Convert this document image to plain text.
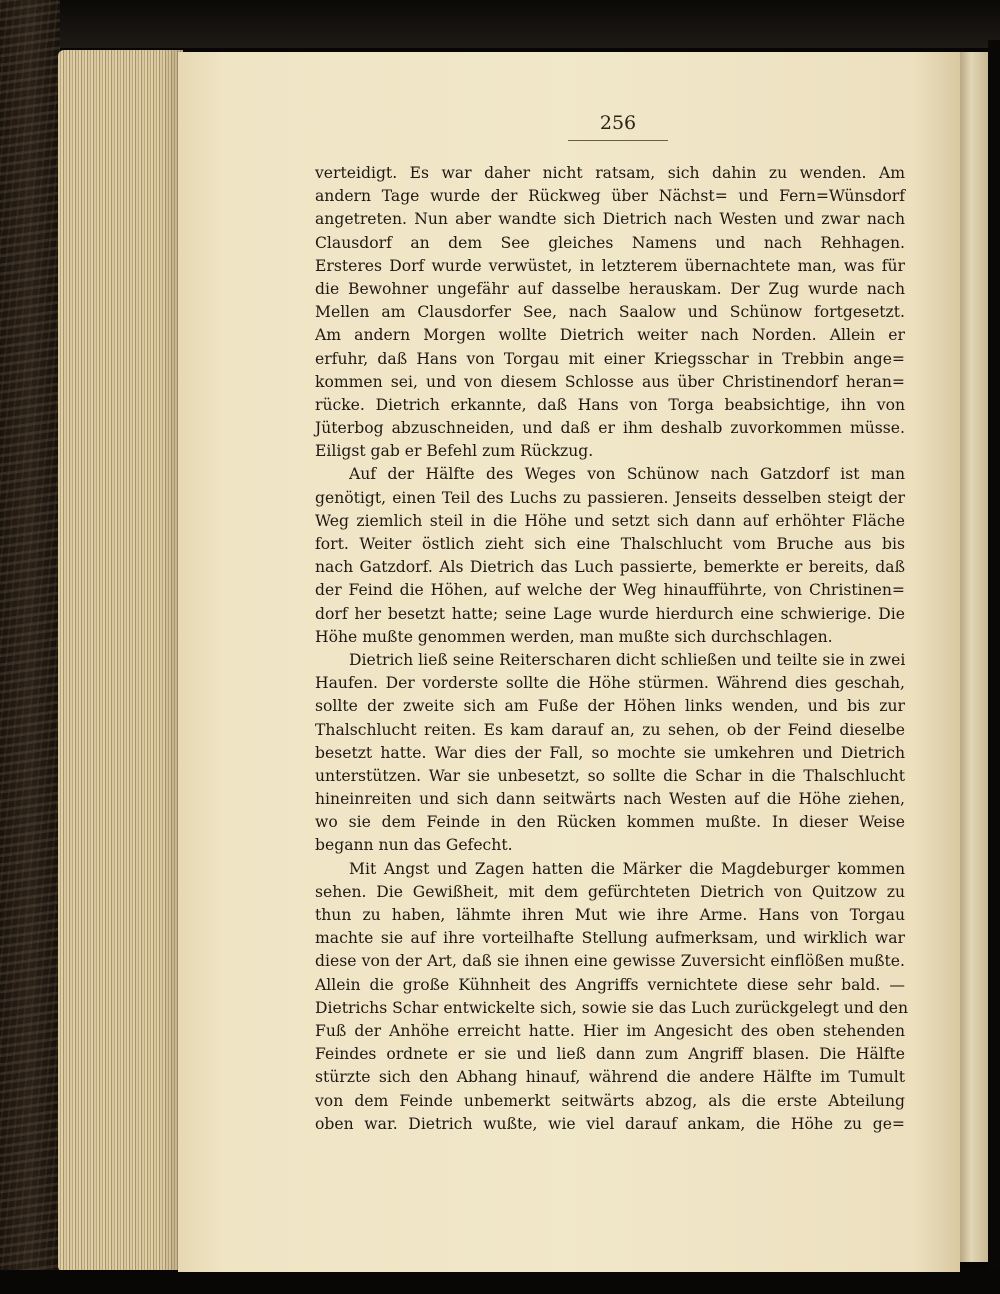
256
verteidigt. Es war daher nicht ratsam, sich dahin zu wenden. Am
andern Tage wurde der Rückweg über Nächst= und Fern=Wünsdorf
angetreten. Nun aber wandte sich Dietrich nach Westen und zwar nach
Clausdorf an dem See gleiches Namens und nach Rehhagen.
Ersteres Dorf wurde verwüstet, in letzterem übernachtete man, was für
die Bewohner ungefähr auf dasselbe herauskam. Der Zug wurde nach
Mellen am Clausdorfer See, nach Saalow und Schünow fortgesetzt.
Am andern Morgen wollte Dietrich weiter nach Norden. Allein er
erfuhr, daß Hans von Torgau mit einer Kriegsschar in Trebbin ange=
kommen sei, und von diesem Schlosse aus über Christinendorf heran=
rücke. Dietrich erkannte, daß Hans von Torga beabsichtige, ihn von
Jüterbog abzuschneiden, und daß er ihm deshalb zuvorkommen müsse.
Eiligst gab er Befehl zum Rückzug.
Auf der Hälfte des Weges von Schünow nach Gatzdorf ist man
genötigt, einen Teil des Luchs zu passieren. Jenseits desselben steigt der
Weg ziemlich steil in die Höhe und setzt sich dann auf erhöhter Fläche
fort. Weiter östlich zieht sich eine Thalschlucht vom Bruche aus bis
nach Gatzdorf. Als Dietrich das Luch passierte, bemerkte er bereits, daß
der Feind die Höhen, auf welche der Weg hinaufführte, von Christinen=
dorf her besetzt hatte; seine Lage wurde hierdurch eine schwierige. Die
Höhe mußte genommen werden, man mußte sich durchschlagen.
Dietrich ließ seine Reiterscharen dicht schließen und teilte sie in zwei
Haufen. Der vorderste sollte die Höhe stürmen. Während dies geschah,
sollte der zweite sich am Fuße der Höhen links wenden, und bis zur
Thalschlucht reiten. Es kam darauf an, zu sehen, ob der Feind dieselbe
besetzt hatte. War dies der Fall, so mochte sie umkehren und Dietrich
unterstützen. War sie unbesetzt, so sollte die Schar in die Thalschlucht
hineinreiten und sich dann seitwärts nach Westen auf die Höhe ziehen,
wo sie dem Feinde in den Rücken kommen mußte. In dieser Weise
begann nun das Gefecht.
Mit Angst und Zagen hatten die Märker die Magdeburger kommen
sehen. Die Gewißheit, mit dem gefürchteten Dietrich von Quitzow zu
thun zu haben, lähmte ihren Mut wie ihre Arme. Hans von Torgau
machte sie auf ihre vorteilhafte Stellung aufmerksam, und wirklich war
diese von der Art, daß sie ihnen eine gewisse Zuversicht einflößen mußte.
Allein die große Kühnheit des Angriffs vernichtete diese sehr bald. —
Dietrichs Schar entwickelte sich, sowie sie das Luch zurückgelegt und den
Fuß der Anhöhe erreicht hatte. Hier im Angesicht des oben stehenden
Feindes ordnete er sie und ließ dann zum Angriff blasen. Die Hälfte
stürzte sich den Abhang hinauf, während die andere Hälfte im Tumult
von dem Feinde unbemerkt seitwärts abzog, als die erste Abteilung
oben war. Dietrich wußte, wie viel darauf ankam, die Höhe zu ge=
